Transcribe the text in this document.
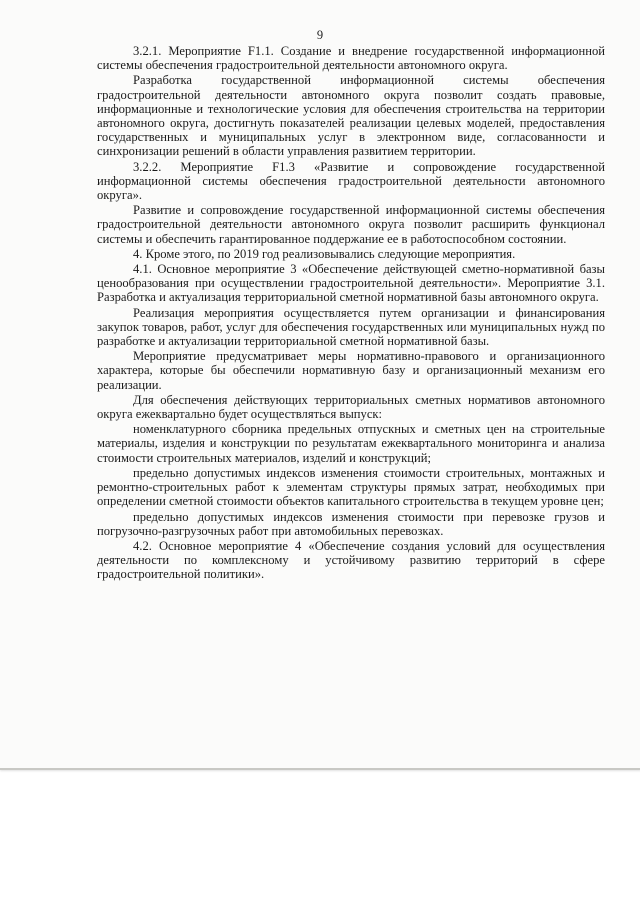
9

3.2.1. Мероприятие F1.1. Создание и внедрение государственной информационной системы обеспечения градостроительной деятельности автономного округа.

Разработка государственной информационной системы обеспечения градостроительной деятельности автономного округа позволит создать правовые, информационные и технологические условия для обеспечения строительства на территории автономного округа, достигнуть показателей реализации целевых моделей, предоставления государственных и муниципальных услуг в электронном виде, согласованности и синхронизации решений в области управления развитием территории.

3.2.2. Мероприятие F1.3 «Развитие и сопровождение государственной информационной системы обеспечения градостроительной деятельности автономного округа».

Развитие и сопровождение государственной информационной системы обеспечения градостроительной деятельности автономного округа позволит расширить функционал системы и обеспечить гарантированное поддержание ее в работоспособном состоянии.

4. Кроме этого, по 2019 год реализовывались следующие мероприятия.

4.1. Основное мероприятие 3 «Обеспечение действующей сметно-нормативной базы ценообразования при осуществлении градостроительной деятельности». Мероприятие 3.1. Разработка и актуализация территориальной сметной нормативной базы автономного округа.

Реализация мероприятия осуществляется путем организации и финансирования закупок товаров, работ, услуг для обеспечения государственных или муниципальных нужд по разработке и актуализации территориальной сметной нормативной базы.

Мероприятие предусматривает меры нормативно-правового и организационного характера, которые бы обеспечили нормативную базу и организационный механизм его реализации.

Для обеспечения действующих территориальных сметных нормативов автономного округа ежеквартально будет осуществляться выпуск:

номенклатурного сборника предельных отпускных и сметных цен на строительные материалы, изделия и конструкции по результатам ежеквартального мониторинга и анализа стоимости строительных материалов, изделий и конструкций;

предельно допустимых индексов изменения стоимости строительных, монтажных и ремонтно-строительных работ к элементам структуры прямых затрат, необходимых при определении сметной стоимости объектов капитального строительства в текущем уровне цен;

предельно допустимых индексов изменения стоимости при перевозке грузов и погрузочно-разгрузочных работ при автомобильных перевозках.

4.2. Основное мероприятие 4 «Обеспечение создания условий для осуществления деятельности по комплексному и устойчивому развитию территорий в сфере градостроительной политики».
